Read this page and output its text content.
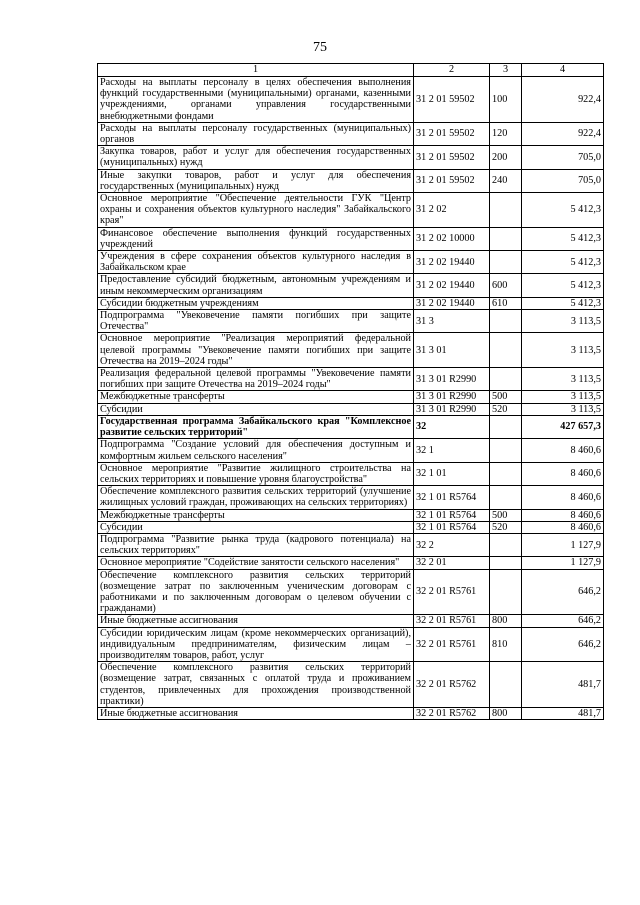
75
1	2	3	4
Расходы на выплаты персоналу в целях обеспечения выполнения функций государственными (муниципальными) органами, казенными учреждениями, органами управления государственными внебюджетными фондами	31 2 01 59502	100	922,4
Расходы на выплаты персоналу государственных (муниципальных) органов	31 2 01 59502	120	922,4
Закупка товаров, работ и услуг для обеспечения государственных (муниципальных) нужд	31 2 01 59502	200	705,0
Иные закупки товаров, работ и услуг для обеспечения государственных (муниципальных) нужд	31 2 01 59502	240	705,0
Основное мероприятие "Обеспечение деятельности ГУК "Центр охраны и сохранения объектов культурного наследия" Забайкальского края"	31 2 02		5 412,3
Финансовое обеспечение выполнения функций государственных учреждений	31 2 02 10000		5 412,3
Учреждения в сфере сохранения объектов культурного наследия в Забайкальском крае	31 2 02 19440		5 412,3
Предоставление субсидий бюджетным, автономным учреждениям и иным некоммерческим организациям	31 2 02 19440	600	5 412,3
Субсидии бюджетным учреждениям	31 2 02 19440	610	5 412,3
Подпрограмма "Увековечение памяти погибших при защите Отечества"	31 3		3 113,5
Основное мероприятие "Реализация мероприятий федеральной целевой программы "Увековечение памяти погибших при защите Отечества на 2019–2024 годы"	31 3 01		3 113,5
Реализация федеральной целевой программы "Увековечение памяти погибших при защите Отечества на 2019–2024 годы"	31 3 01 R2990		3 113,5
Межбюджетные трансферты	31 3 01 R2990	500	3 113,5
Субсидии	31 3 01 R2990	520	3 113,5
Государственная программа Забайкальского края "Комплексное развитие сельских территорий"	32		427 657,3
Подпрограмма "Создание условий для обеспечения доступным и комфортным жильем сельского населения"	32 1		8 460,6
Основное мероприятие "Развитие жилищного строительства на сельских территориях и повышение уровня благоустройства"	32 1 01		8 460,6
Обеспечение комплексного развития сельских территорий (улучшение жилищных условий граждан, проживающих на сельских территориях)	32 1 01 R5764		8 460,6
Межбюджетные трансферты	32 1 01 R5764	500	8 460,6
Субсидии	32 1 01 R5764	520	8 460,6
Подпрограмма "Развитие рынка труда (кадрового потенциала) на сельских территориях"	32 2		1 127,9
Основное мероприятие "Содействие занятости сельского населения"	32 2 01		1 127,9
Обеспечение комплексного развития сельских территорий (возмещение затрат по заключенным ученическим договорам с работниками и по заключенным договорам о целевом обучении с гражданами)	32 2 01 R5761		646,2
Иные бюджетные ассигнования	32 2 01 R5761	800	646,2
Субсидии юридическим лицам (кроме некоммерческих организаций), индивидуальным предпринимателям, физическим лицам – производителям товаров, работ, услуг	32 2 01 R5761	810	646,2
Обеспечение комплексного развития сельских территорий (возмещение затрат, связанных с оплатой труда и проживанием студентов, привлеченных для прохождения производственной практики)	32 2 01 R5762		481,7
Иные бюджетные ассигнования	32 2 01 R5762	800	481,7
